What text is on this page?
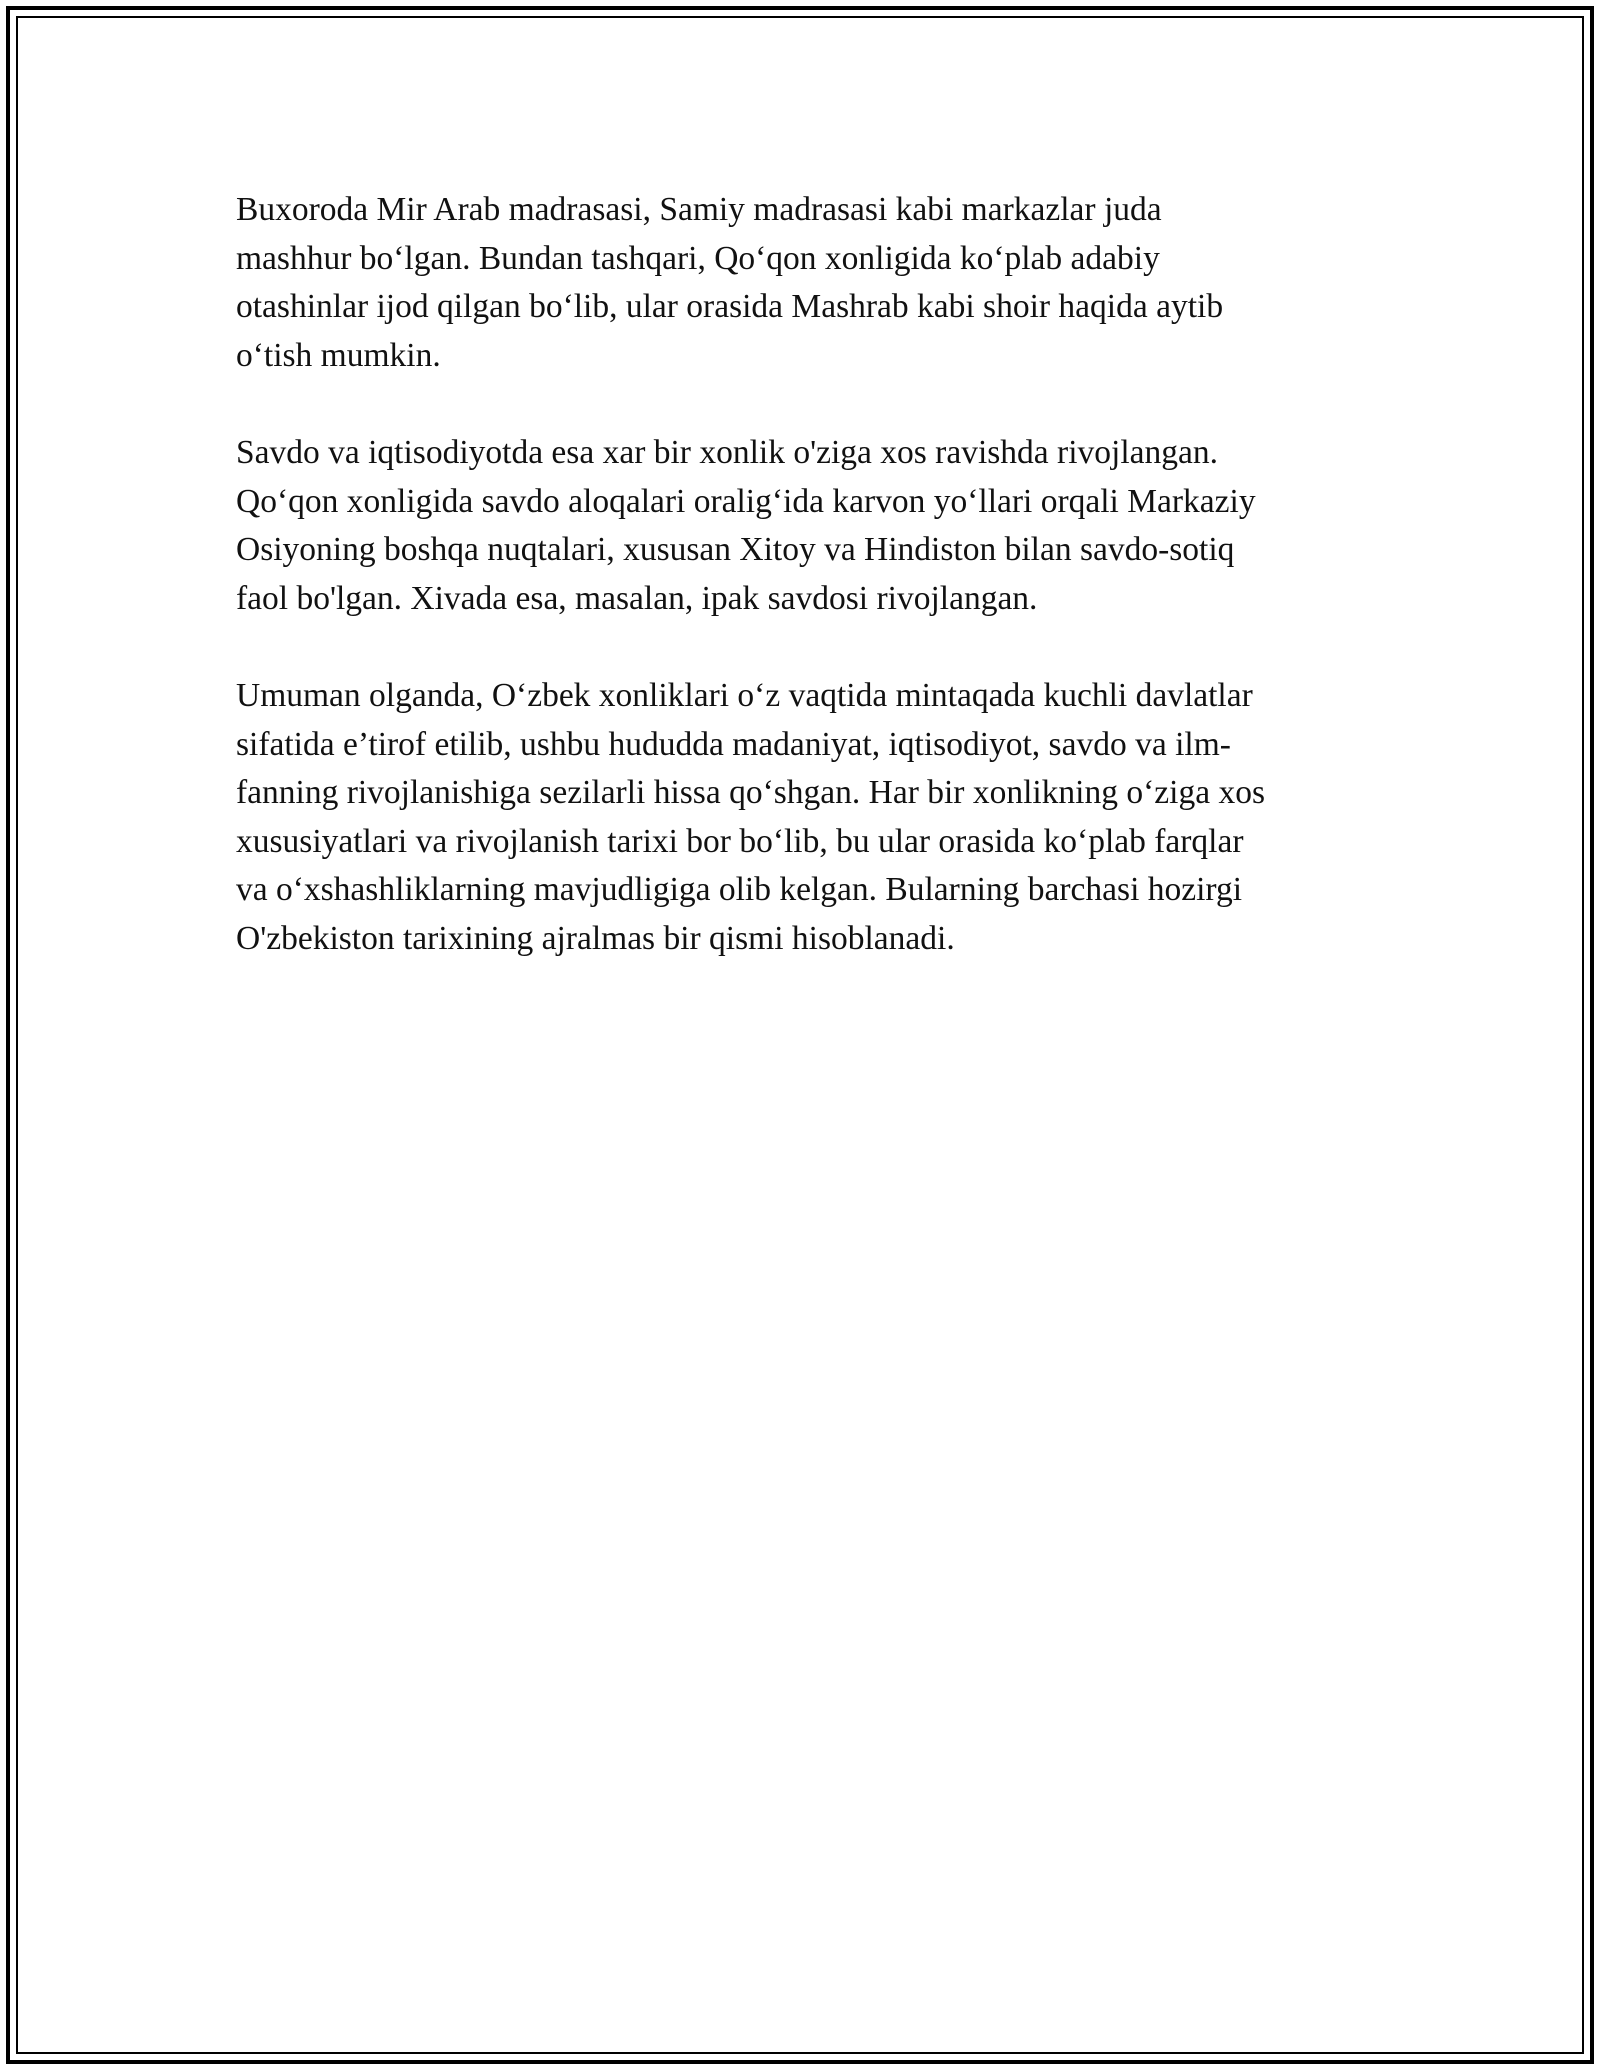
Buxoroda Mir Arab madrasasi, Samiy madrasasi kabi markazlar juda
mashhur bo‘lgan. Bundan tashqari, Qo‘qon xonligida ko‘plab adabiy
otashinlar ijod qilgan bo‘lib, ular orasida Mashrab kabi shoir haqida aytib
o‘tish mumkin.

Savdo va iqtisodiyotda esa xar bir xonlik o'ziga xos ravishda rivojlangan.
Qo‘qon xonligida savdo aloqalari oralig‘ida karvon yo‘llari orqali Markaziy
Osiyoning boshqa nuqtalari, xususan Xitoy va Hindiston bilan savdo-sotiq
faol bo'lgan. Xivada esa, masalan, ipak savdosi rivojlangan.

Umuman olganda, O‘zbek xonliklari o‘z vaqtida mintaqada kuchli davlatlar
sifatida e’tirof etilib, ushbu hududda madaniyat, iqtisodiyot, savdo va ilm-
fanning rivojlanishiga sezilarli hissa qo‘shgan. Har bir xonlikning o‘ziga xos
xususiyatlari va rivojlanish tarixi bor bo‘lib, bu ular orasida ko‘plab farqlar
va o‘xshashliklarning mavjudligiga olib kelgan. Bularning barchasi hozirgi
O'zbekiston tarixining ajralmas bir qismi hisoblanadi.
